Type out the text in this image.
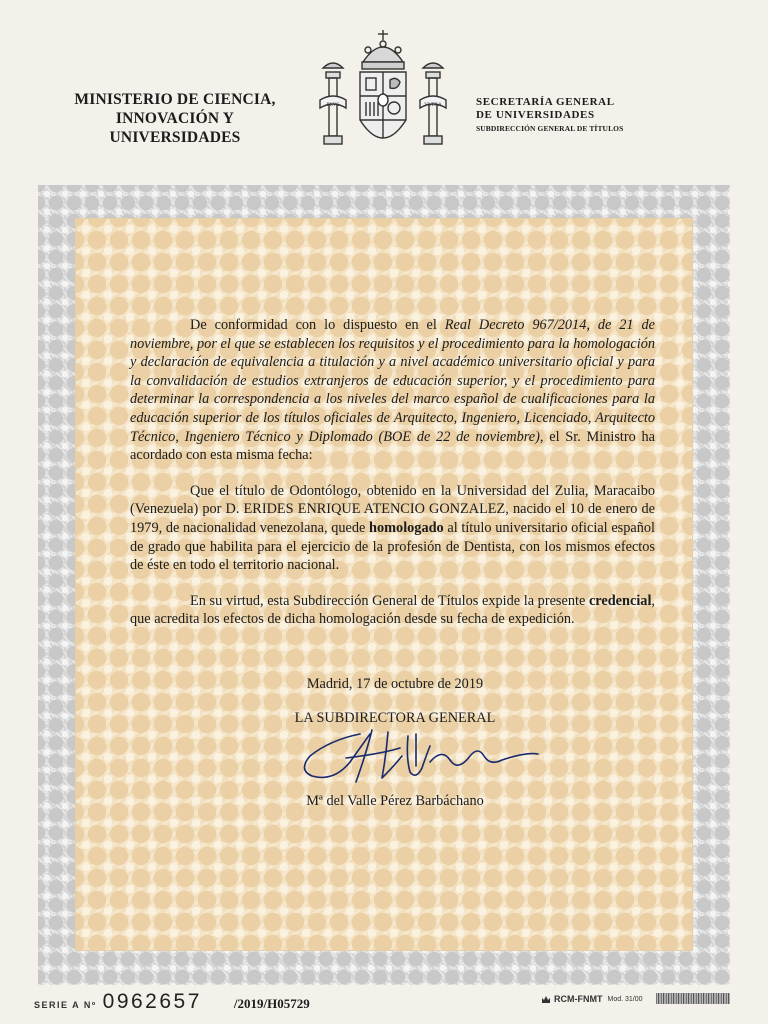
MINISTERIO DE CIENCIA,
INNOVACIÓN Y
UNIVERSIDADES
PLVS	VLTRA	SECRETARÍA GENERAL
DE UNIVERSIDADES
SUBDIRECCIÓN GENERAL DE TÍTULOS

De conformidad con lo dispuesto en el Real Decreto 967/2014, de 21 de noviembre, por el que se establecen los requisitos y el procedimiento para la homologación y declaración de equivalencia a titulación y a nivel académico universitario oficial y para la convalidación de estudios extranjeros de educación superior, y el procedimiento para determinar la correspondencia a los niveles del marco español de cualificaciones para la educación superior de los títulos oficiales de Arquitecto, Ingeniero, Licenciado, Arquitecto Técnico, Ingeniero Técnico y Diplomado (BOE de 22 de noviembre), el Sr. Ministro ha acordado con esta misma fecha:

Que el título de Odontólogo, obtenido en la Universidad del Zulia, Maracaibo (Venezuela) por D. ERIDES ENRIQUE ATENCIO GONZALEZ, nacido el 10 de enero de 1979, de nacionalidad venezolana, quede homologado al título universitario oficial español de grado que habilita para el ejercicio de la profesión de Dentista, con los mismos efectos de éste en todo el territorio nacional.

En su virtud, esta Subdirección General de Títulos expide la presente credencial, que acredita los efectos de dicha homologación desde su fecha de expedición.

Madrid, 17 de octubre de 2019
LA SUBDIRECTORA GENERAL
Mª del Valle Pérez Barbáchano
SERIE A Nº 0962657 /2019/H05729	RCM-FNMT Mod. 31/00
